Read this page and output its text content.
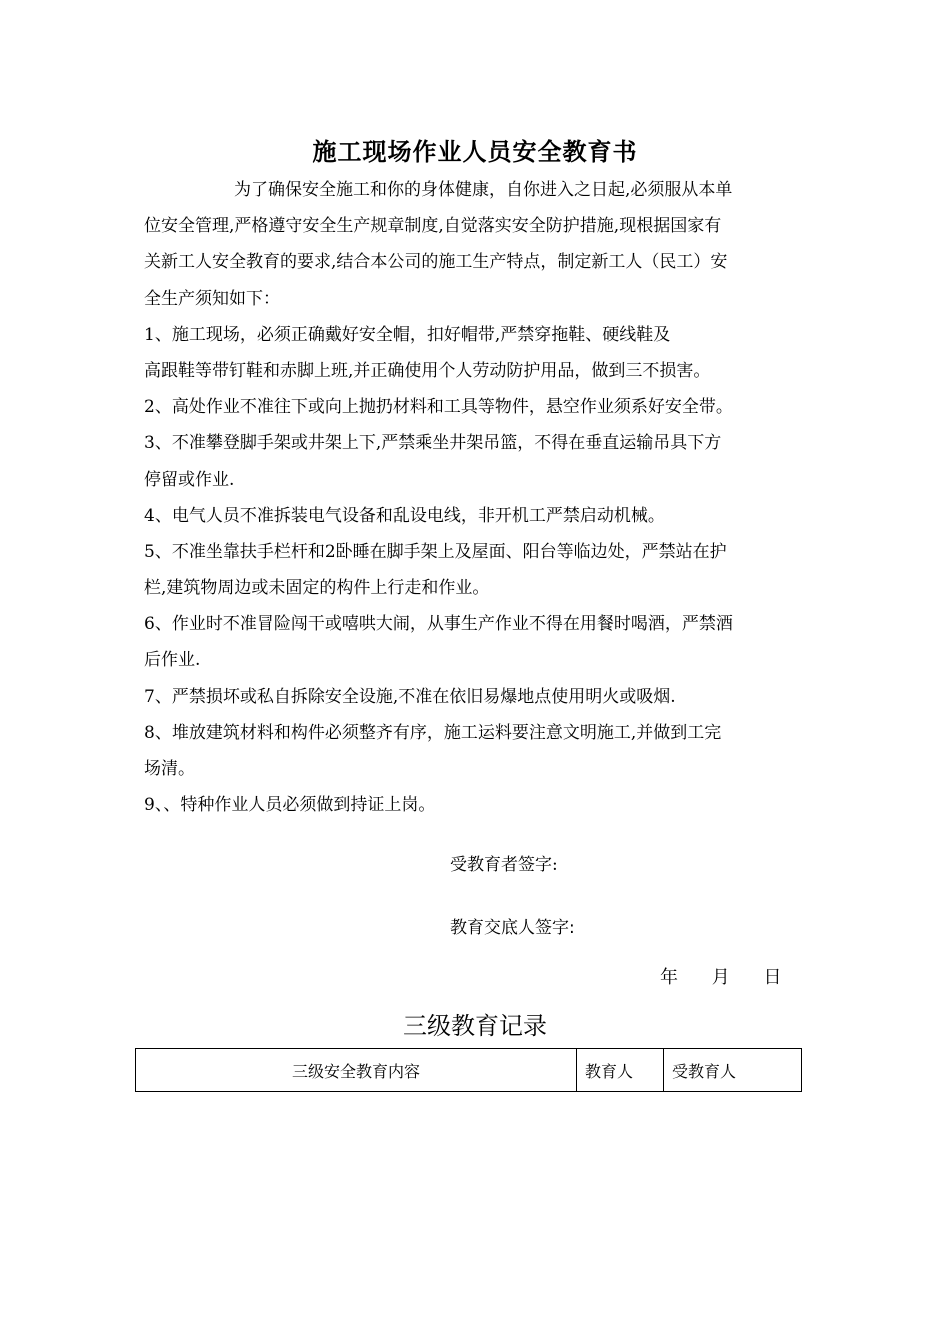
施工现场作业人员安全教育书
为了确保安全施工和你的身体健康，自你进入之日起,必须服从本单
位安全管理,严格遵守安全生产规章制度,自觉落实安全防护措施,现根据国家有
关新工人安全教育的要求,结合本公司的施工生产特点，制定新工人（民工）安
全生产须知如下：
1、施工现场，必须正确戴好安全帽，扣好帽带,严禁穿拖鞋、硬线鞋及
高跟鞋等带钉鞋和赤脚上班,并正确使用个人劳动防护用品，做到三不损害。
2、高处作业不准往下或向上抛扔材料和工具等物件，悬空作业须系好安全带。
3、不准攀登脚手架或井架上下,严禁乘坐井架吊篮，不得在垂直运输吊具下方
停留或作业.
4、电气人员不准拆装电气设备和乱设电线，非开机工严禁启动机械。
5、不准坐靠扶手栏杆和2卧睡在脚手架上及屋面、阳台等临边处，严禁站在护
栏,建筑物周边或未固定的构件上行走和作业。
6、作业时不准冒险闯干或嘻哄大闹，从事生产作业不得在用餐时喝酒，严禁酒
后作业.
7、严禁损坏或私自拆除安全设施,不准在依旧易爆地点使用明火或吸烟.
8、堆放建筑材料和构件必须整齐有序，施工运料要注意文明施工,并做到工完
场清。
9、、特种作业人员必须做到持证上岗。
受教育者签字:
教育交底人签字:
年 月 日
三级教育记录
三级安全教育内容	教育人	受教育人
